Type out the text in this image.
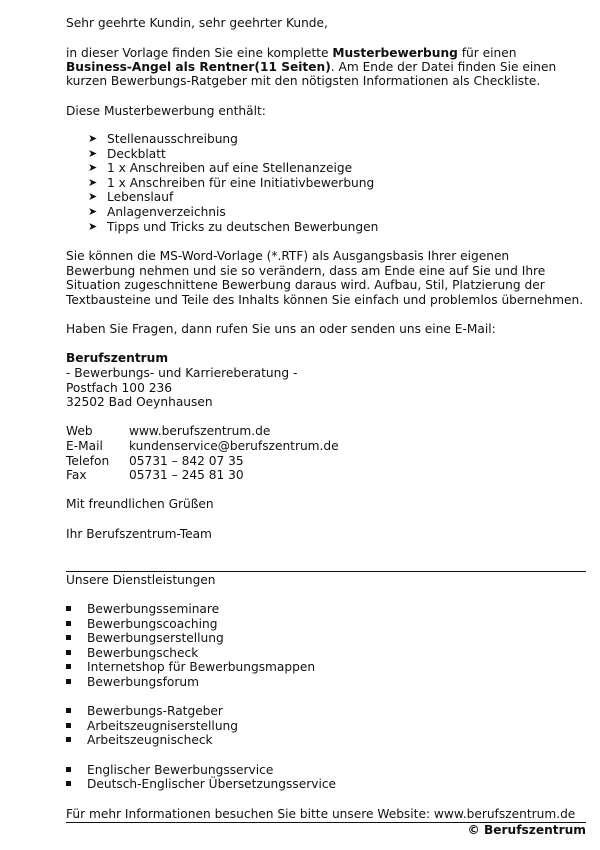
Sehr geehrte Kundin, sehr geehrter Kunde,
in dieser Vorlage finden Sie eine komplette Musterbewerbung für einen
Business-Angel als Rentner(11 Seiten). Am Ende der Datei finden Sie einen
kurzen Bewerbungs-Ratgeber mit den nötigsten Informationen als Checkliste.
Diese Musterbewerbung enthält:
➤ Stellenausschreibung
➤ Deckblatt
➤ 1 x Anschreiben auf eine Stellenanzeige
➤ 1 x Anschreiben für eine Initiativbewerbung
➤ Lebenslauf
➤ Anlagenverzeichnis
➤ Tipps und Tricks zu deutschen Bewerbungen
Sie können die MS-Word-Vorlage (*.RTF) als Ausgangsbasis Ihrer eigenen
Bewerbung nehmen und sie so verändern, dass am Ende eine auf Sie und Ihre
Situation zugeschnittene Bewerbung daraus wird. Aufbau, Stil, Platzierung der
Textbausteine und Teile des Inhalts können Sie einfach und problemlos übernehmen.
Haben Sie Fragen, dann rufen Sie uns an oder senden uns eine E-Mail:
Berufszentrum
- Bewerbungs- und Karriereberatung -
Postfach 100 236
32502 Bad Oeynhausen
Web	www.berufszentrum.de
E-Mail kundenservice@berufszentrum.de
Telefon 05731 – 842 07 35
Fax	05731 – 245 81 30
Mit freundlichen Grüßen
Ihr Berufszentrum-Team
Unsere Dienstleistungen
Bewerbungsseminare
Bewerbungscoaching
Bewerbungserstellung
Bewerbungscheck
Internetshop für Bewerbungsmappen
Bewerbungsforum
Bewerbungs-Ratgeber
Arbeitszeugniserstellung
Arbeitszeugnischeck
Englischer Bewerbungsservice
Deutsch-Englischer Übersetzungsservice
Für mehr Informationen besuchen Sie bitte unsere Website: www.berufszentrum.de
© Berufszentrum
